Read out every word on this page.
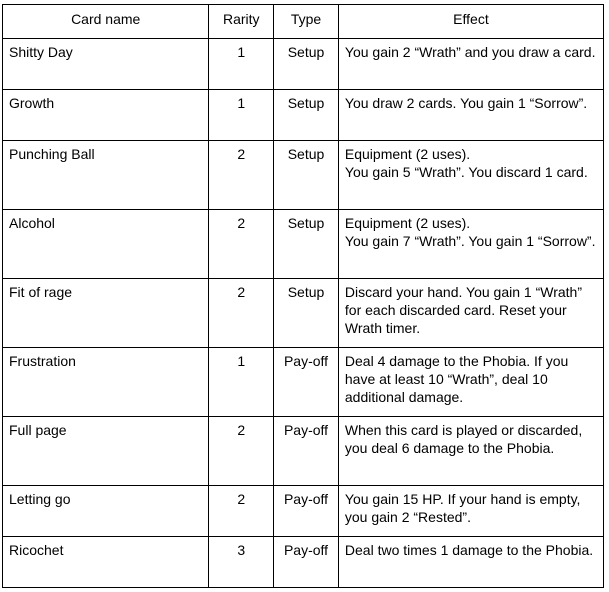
Card name	Rarity	Type	Effect
Shitty Day	1	Setup	You gain 2 “Wrath” and you draw a card.

Growth	1	Setup	You draw 2 cards. You gain 1 “Sorrow”.

Punching Ball	2	Setup	Equipment (2 uses).
You gain 5 “Wrath”. You discard 1 card.

Alcohol	2	Setup	Equipment (2 uses).
You gain 7 “Wrath”. You gain 1 “Sorrow”.

Fit of rage	2	Setup	Discard your hand. You gain 1 “Wrath” for each discarded card. Reset your Wrath timer.

Frustration	1	Pay-off	Deal 4 damage to the Phobia. If you have at least 10 “Wrath”, deal 10 additional damage.

Full page	2	Pay-off	When this card is played or discarded, you deal 6 damage to the Phobia.

Letting go	2	Pay-off	You gain 15 HP. If your hand is empty, you gain 2 “Rested”.

Ricochet	3	Pay-off	Deal two times 1 damage to the Phobia.
